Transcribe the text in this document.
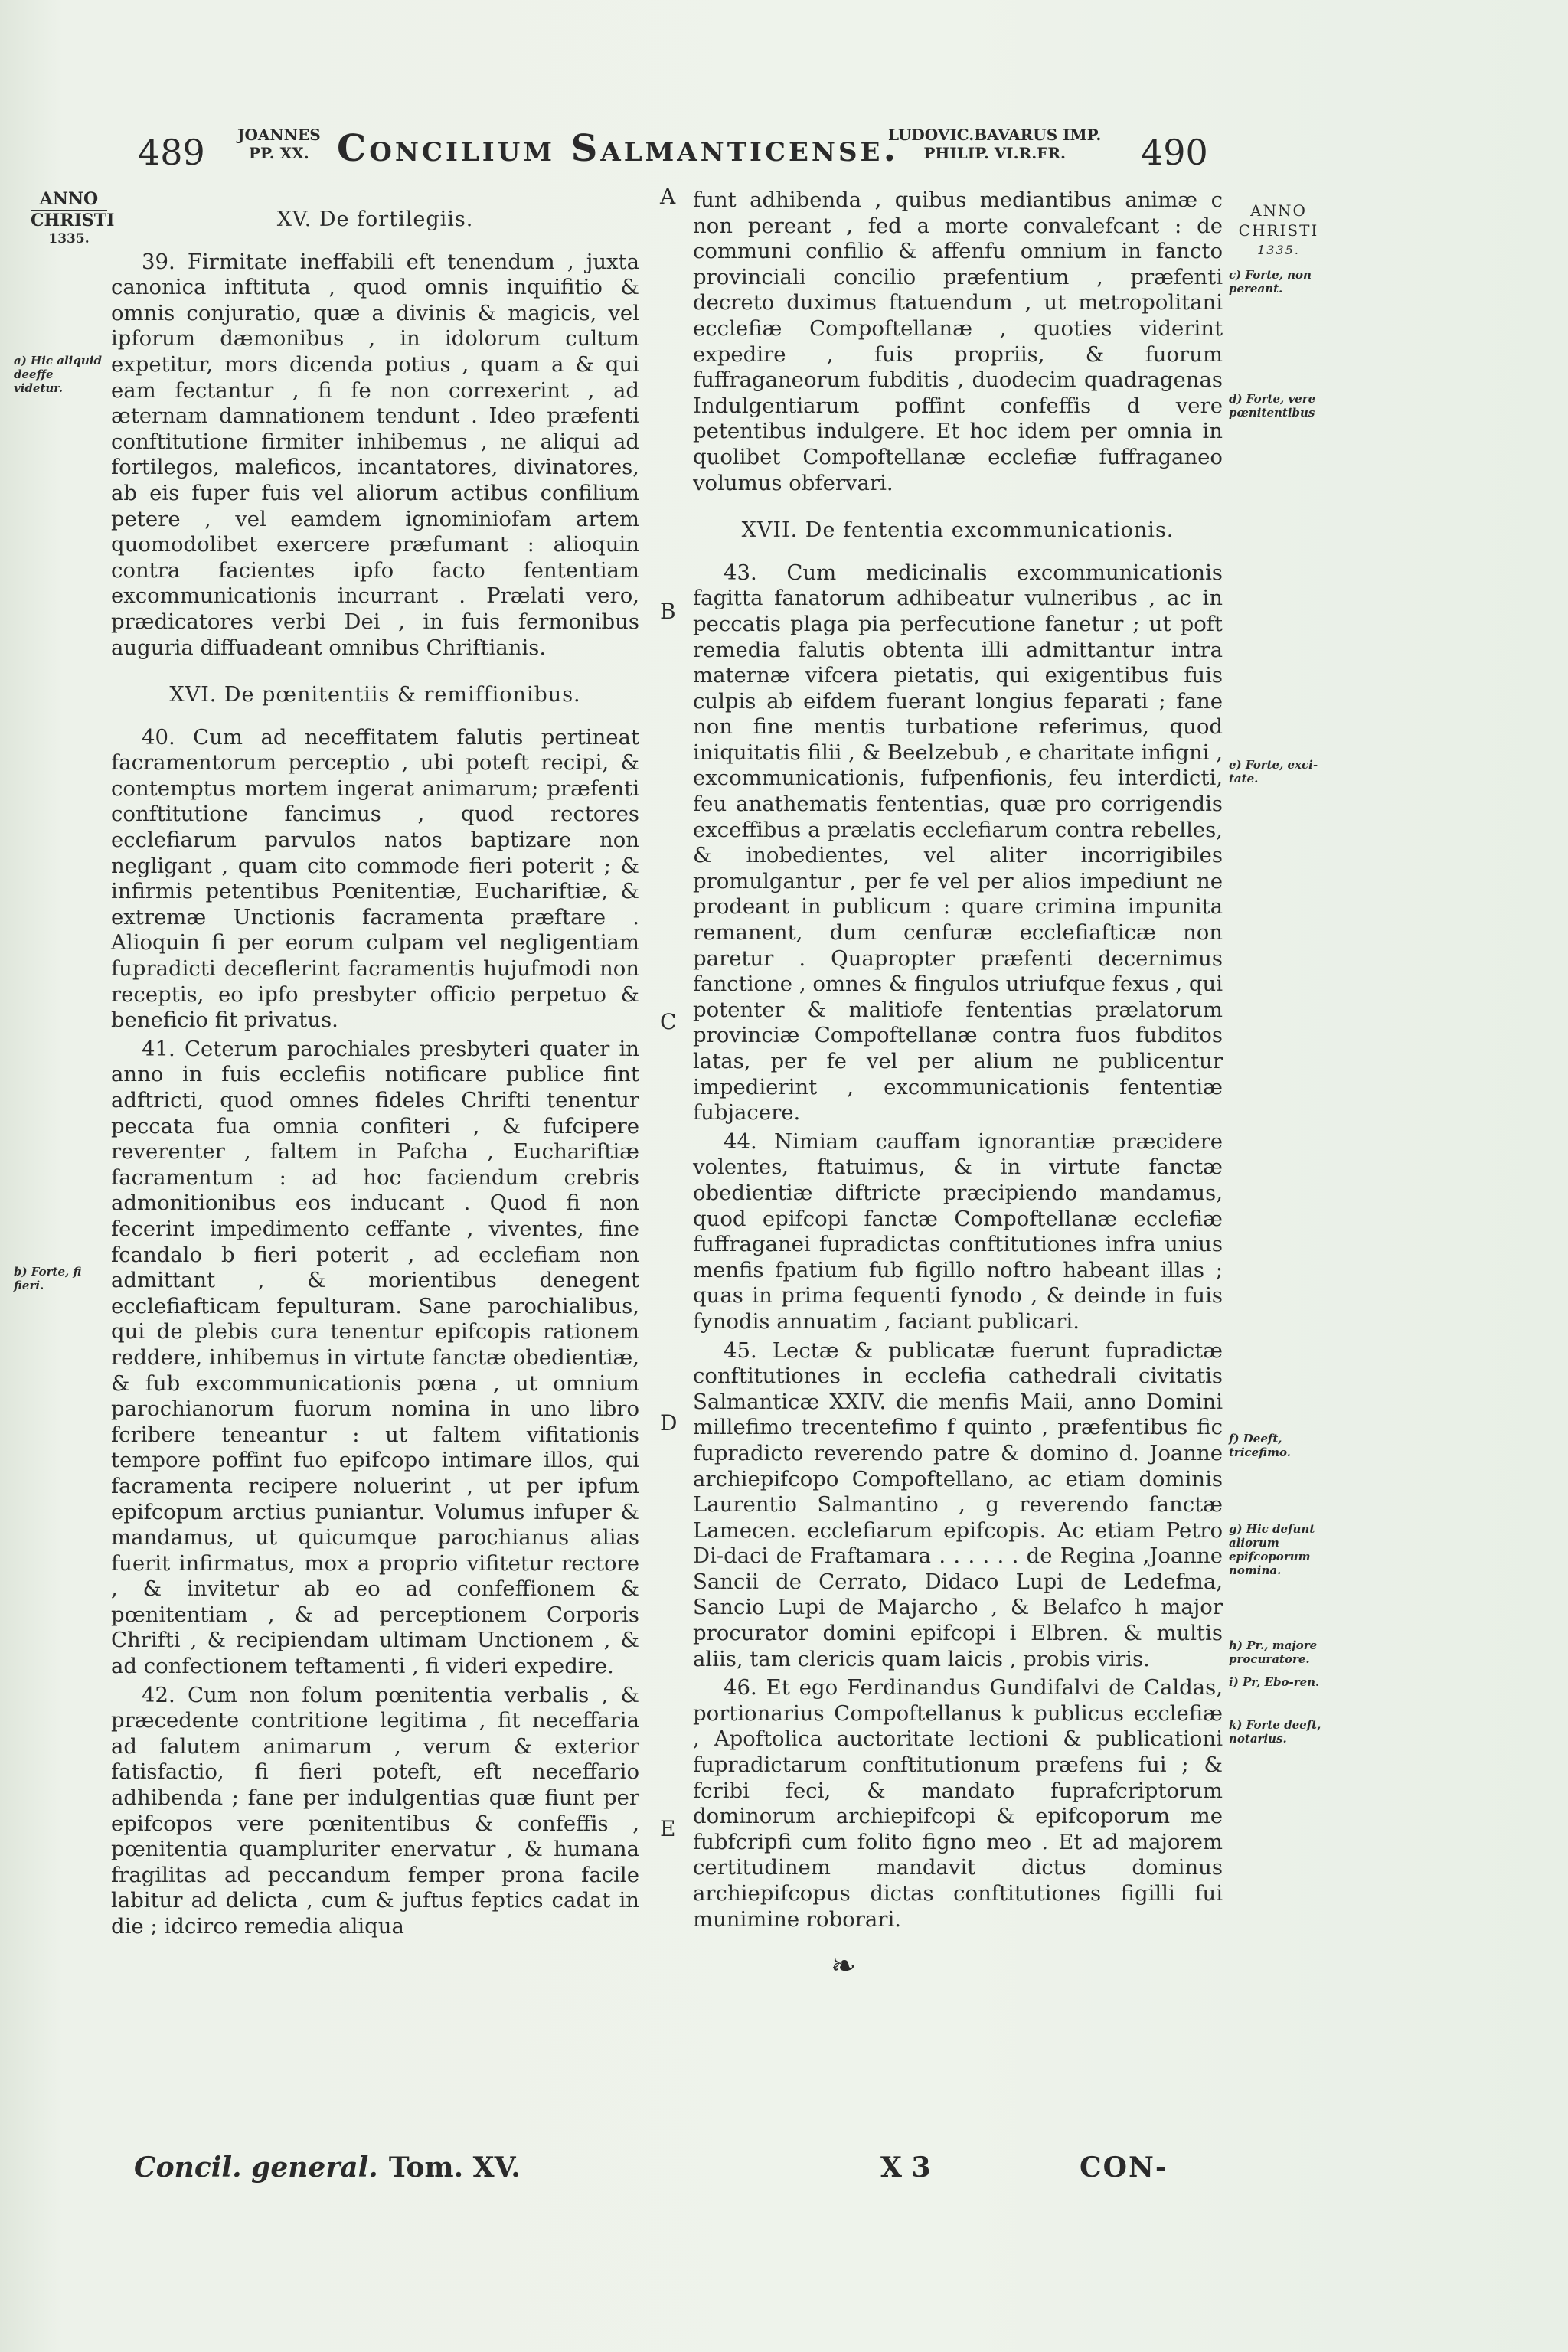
489 JOANNES
PP. XX. Concilium Salmanticense.
LUDOVIC.BAVARUS IMP.
PHILIP. VI.R.FR.	490
ANNO
CHRISTI
1335.
ANNO
CHRISTI
1335.
A
B
C
D
E
XV. De fortilegiis.

39. Firmitate ineffabili eft tenendum , juxta canonica inftituta , quod omnis inquifitio & omnis conjuratio, quæ a divinis & magicis, vel ipforum dæmonibus , in idolorum cultum expetitur, mors dicenda potius , quam a & qui eam fectantur , fi fe non correxerint , ad æternam damnationem tendunt . Ideo præfenti conftitutione firmiter inhibemus , ne aliqui ad fortilegos, maleficos, incantatores, divinatores, ab eis fuper fuis vel aliorum actibus confilium petere , vel eamdem ignominiofam artem quomodolibet exercere præfumant : alioquin contra facientes ipfo facto fententiam excommunicationis incurrant . Prælati vero, prædicatores verbi Dei , in fuis fermonibus auguria diffuadeant omnibus Chriftianis.

XVI. De pœnitentiis & remiffionibus.

40. Cum ad neceffitatem falutis pertineat facramentorum perceptio , ubi poteft recipi, & contemptus mortem ingerat animarum; præfenti conftitutione fancimus , quod rectores ecclefiarum parvulos natos baptizare non negligant , quam cito commode fieri poterit ; & infirmis petentibus Pœnitentiæ, Euchariftiæ, & extremæ Unctionis facramenta præftare . Alioquin fi per eorum culpam vel negligentiam fupradicti deceflerint facramentis hujufmodi non receptis, eo ipfo presbyter officio perpetuo & beneficio fit privatus.

41. Ceterum parochiales presbyteri quater in anno in fuis ecclefiis notificare publice fint adftricti, quod omnes fideles Chrifti tenentur peccata fua omnia confiteri , & fufcipere reverenter , faltem in Pafcha , Euchariftiæ facramentum : ad hoc faciendum crebris admonitionibus eos inducant . Quod fi non fecerint impedimento ceffante , viventes, fine fcandalo b fieri poterit , ad ecclefiam non admittant , & morientibus denegent ecclefiafticam fepulturam. Sane parochialibus, qui de plebis cura tenentur epifcopis rationem reddere, inhibemus in virtute fanctæ obedientiæ, & fub excommunicationis pœna , ut omnium parochianorum fuorum nomina in uno libro fcribere teneantur : ut faltem vifitationis tempore poffint fuo epifcopo intimare illos, qui facramenta recipere noluerint , ut per ipfum epifcopum arctius puniantur. Volumus infuper & mandamus, ut quicumque parochianus alias fuerit infirmatus, mox a proprio vifitetur rectore , & invitetur ab eo ad confeffionem & pœnitentiam , & ad perceptionem Corporis Chrifti , & recipiendam ultimam Unctionem , & ad confectionem teftamenti , fi videri expedire.

42. Cum non folum pœnitentia verbalis , & præcedente contritione legitima , fit neceffaria ad falutem animarum , verum & exterior fatisfactio, fi fieri poteft, eft neceffario adhibenda ; fane per indulgentias quæ fiunt per epifcopos vere pœnitentibus & confeffis , pœnitentia quampluriter enervatur , & humana fragilitas ad peccandum femper prona facile labitur ad delicta , cum & juftus feptics cadat in die ; idcirco remedia aliqua

funt adhibenda , quibus mediantibus animæ c non pereant , fed a morte convalefcant : de communi confilio & affenfu omnium in fancto provinciali concilio præfentium , præfenti decreto duximus ftatuendum , ut metropolitani ecclefiæ Compoftellanæ , quoties viderint expedire , fuis propriis, & fuorum fuffraganeorum fubditis , duodecim quadragenas Indulgentiarum poffint confeffis d vere petentibus indulgere. Et hoc idem per omnia in quolibet Compoftellanæ ecclefiæ fuffraganeo volumus obfervari.

XVII. De fententia excommunicationis.

43. Cum medicinalis excommunicationis fagitta fanatorum adhibeatur vulneribus , ac in peccatis plaga pia perfecutione fanetur ; ut poft remedia falutis obtenta illi admittantur intra maternæ vifcera pietatis, qui exigentibus fuis culpis ab eifdem fuerant longius feparati ; fane non fine mentis turbatione referimus, quod iniquitatis filii , & Beelzebub , e charitate infigni , excommunicationis, fufpenfionis, feu interdicti, feu anathematis fententias, quæ pro corrigendis exceffibus a prælatis ecclefiarum contra rebelles, & inobedientes, vel aliter incorrigibiles promulgantur , per fe vel per alios impediunt ne prodeant in publicum : quare crimina impunita remanent, dum cenfuræ ecclefiafticæ non paretur . Quapropter præfenti decernimus fanctione , omnes & fingulos utriufque fexus , qui potenter & malitiofe fententias prælatorum provinciæ Compoftellanæ contra fuos fubditos latas, per fe vel per alium ne publicentur impedierint , excommunicationis fententiæ fubjacere.

44. Nimiam cauffam ignorantiæ præcidere volentes, ftatuimus, & in virtute fanctæ obedientiæ diftricte præcipiendo mandamus, quod epifcopi fanctæ Compoftellanæ ecclefiæ fuffraganei fupradictas conftitutiones infra unius menfis fpatium fub figillo noftro habeant illas ; quas in prima fequenti fynodo , & deinde in fuis fynodis annuatim , faciant publicari.

45. Lectæ & publicatæ fuerunt fupradictæ conftitutiones in ecclefia cathedrali civitatis Salmanticæ XXIV. die menfis Maii, anno Domini millefimo trecentefimo f quinto , præfentibus fic fupradicto reverendo patre & domino d. Joanne archiepifcopo Compoftellano, ac etiam dominis Laurentio Salmantino , g reverendo fanctæ Lamecen. ecclefiarum epifcopis. Ac etiam Petro Di-daci de Fraftamara . . . . . . de Regina ,Joanne Sancii de Cerrato, Didaco Lupi de Ledefma, Sancio Lupi de Majarcho , & Belafco h major procurator domini epifcopi i Elbren. & multis aliis, tam clericis quam laicis , probis viris.

46. Et ego Ferdinandus Gundifalvi de Caldas, portionarius Compoftellanus k publicus ecclefiæ , Apoftolica auctoritate lectioni & publicationi fupradictarum conftitutionum præfens fui ; & fcribi feci, & mandato fuprafcriptorum dominorum archiepifcopi & epifcoporum me fubfcripfi cum folito figno meo . Et ad majorem certitudinem mandavit dictus dominus archiepifcopus dictas conftitutiones figilli fui munimine roborari.

a) Hic aliquid deeffe videtur.
b) Forte, fi fieri.
c) Forte, non pereant.
d) Forte, vere pœnitentibus
e) Forte, exci-tate.
f) Deeft, tricefimo.
g) Hic defunt aliorum epifcoporum nomina.
h) Pr., majore procuratore.
i) Pr, Ebo-ren.
k) Forte deeft, notarius.
❧
Concil. general. Tom. XV.	X 3	CON-
